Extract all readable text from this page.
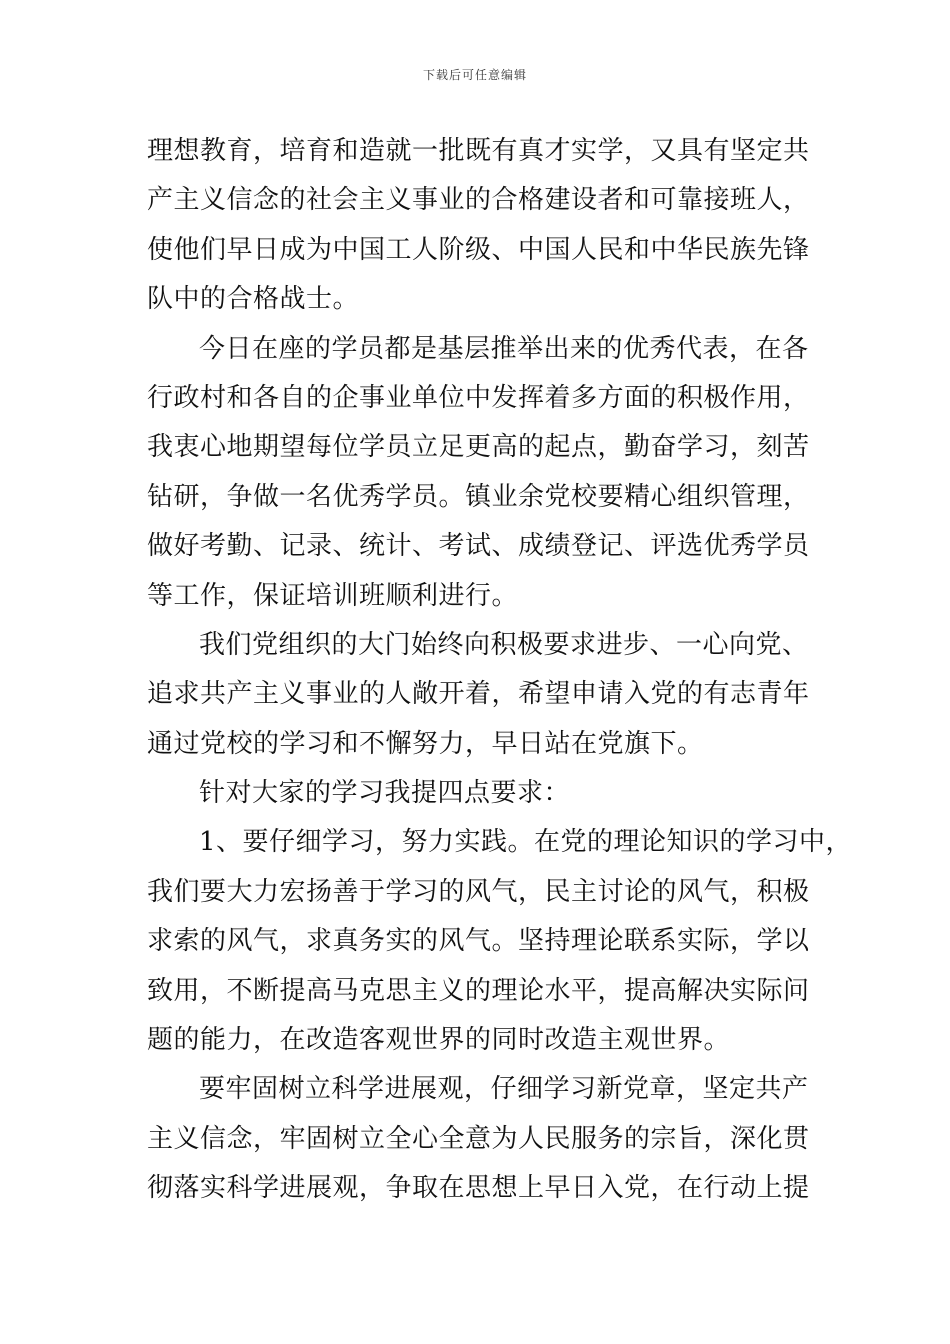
下载后可任意编辑
理想教育，培育和造就一批既有真才实学，又具有坚定共
产主义信念的社会主义事业的合格建设者和可靠接班人，
使他们早日成为中国工人阶级、中国人民和中华民族先锋
队中的合格战士。
今日在座的学员都是基层推举出来的优秀代表，在各
行政村和各自的企事业单位中发挥着多方面的积极作用，
我衷心地期望每位学员立足更高的起点，勤奋学习，刻苦
钻研，争做一名优秀学员。镇业余党校要精心组织管理，
做好考勤、记录、统计、考试、成绩登记、评选优秀学员
等工作，保证培训班顺利进行。
我们党组织的大门始终向积极要求进步、一心向党、
追求共产主义事业的人敞开着，希望申请入党的有志青年
通过党校的学习和不懈努力，早日站在党旗下。
针对大家的学习我提四点要求：
1、要仔细学习，努力实践。在党的理论知识的学习中，
我们要大力宏扬善于学习的风气，民主讨论的风气，积极
求索的风气，求真务实的风气。坚持理论联系实际，学以
致用，不断提高马克思主义的理论水平，提高解决实际问
题的能力，在改造客观世界的同时改造主观世界。
要牢固树立科学进展观，仔细学习新党章，坚定共产
主义信念，牢固树立全心全意为人民服务的宗旨，深化贯
彻落实科学进展观，争取在思想上早日入党，在行动上提
